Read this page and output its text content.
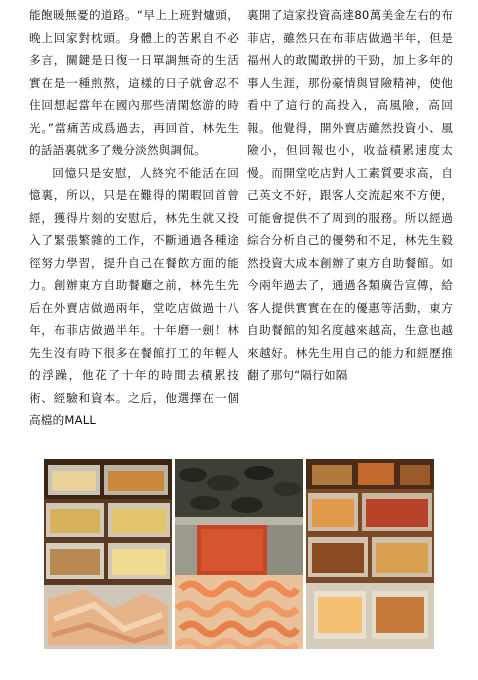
能飽暖無憂的道路。“早上上班對爐頭，晚上回家對枕頭。身體上的苦累自不必多言，關鍵是日復一日單調無奇的生活實在是一種煎熬，這樣的日子就會忍不住回想起當年在國內那些清閑悠游的時光。”當痛苦成爲過去，再回首，林先生的話語裏就多了幾分淡然與調侃。

回憶只是安慰，人終究不能活在回憶裏，所以，只是在難得的閑暇回首曾經，獲得片刻的安慰后，林先生就又投入了緊張繁雜的工作，不斷通過各種途徑努力學習，提升自己在餐飲方面的能力。創辦東方自助餐廳之前，林先生先后在外賣店做過兩年，堂吃店做過十八年，布菲店做過半年。十年磨一劍！林先生沒有時下很多在餐館打工的年輕人的浮躁，他花了十年的時間去積累技術、經驗和資本。之后，他選擇在一個高檔的MALL

裏開了這家投資高達80萬美金左右的布菲店，雖然只在布菲店做過半年，但是福州人的敢闖敢拼的干勁，加上多年的事人生涯，那份豪情與冒險精神，使他看中了這行的高投入，高風險，高回報。他覺得，開外賣店雖然投資小、風險小，但回報也小，收益積累速度太慢。而開堂吃店對人工素質要求高，自己英文不好，跟客人交流起來不方便，可能會提供不了周到的服務。所以經過綜合分析自己的優勢和不足，林先生毅然投資大成本創辦了東方自助餐館。如今兩年過去了，通過各類廣告宣傳，給客人提供實實在在的優惠等活動，東方自助餐館的知名度越來越高，生意也越來越好。林先生用自己的能力和經歷推翻了那句“隔行如隔
